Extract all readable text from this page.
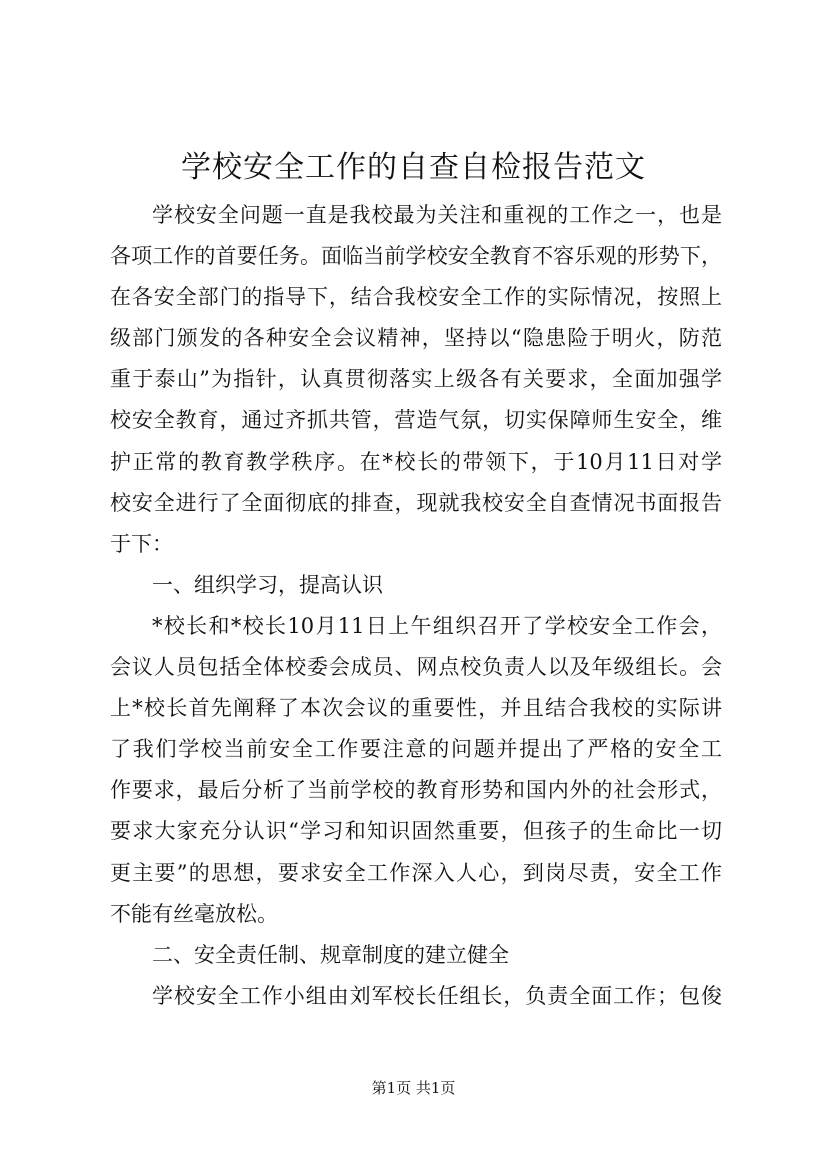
学校安全工作的自查自检报告范文
学校安全问题一直是我校最为关注和重视的工作之一，也是
各项工作的首要任务。面临当前学校安全教育不容乐观的形势下，
在各安全部门的指导下，结合我校安全工作的实际情况，按照上
级部门颁发的各种安全会议精神，坚持以“隐患险于明火，防范
重于泰山”为指针，认真贯彻落实上级各有关要求，全面加强学
校安全教育，通过齐抓共管，营造气氛，切实保障师生安全，维
护正常的教育教学秩序。在*校长的带领下，于10月11日对学
校安全进行了全面彻底的排查，现就我校安全自查情况书面报告
于下：
一、组织学习，提高认识
*校长和*校长10月11日上午组织召开了学校安全工作会，
会议人员包括全体校委会成员、网点校负责人以及年级组长。会
上*校长首先阐释了本次会议的重要性，并且结合我校的实际讲
了我们学校当前安全工作要注意的问题并提出了严格的安全工
作要求，最后分析了当前学校的教育形势和国内外的社会形式，
要求大家充分认识“学习和知识固然重要，但孩子的生命比一切
更主要”的思想，要求安全工作深入人心，到岗尽责，安全工作
不能有丝毫放松。
二、安全责任制、规章制度的建立健全
学校安全工作小组由刘军校长任组长，负责全面工作；包俊
第1页 共1页
